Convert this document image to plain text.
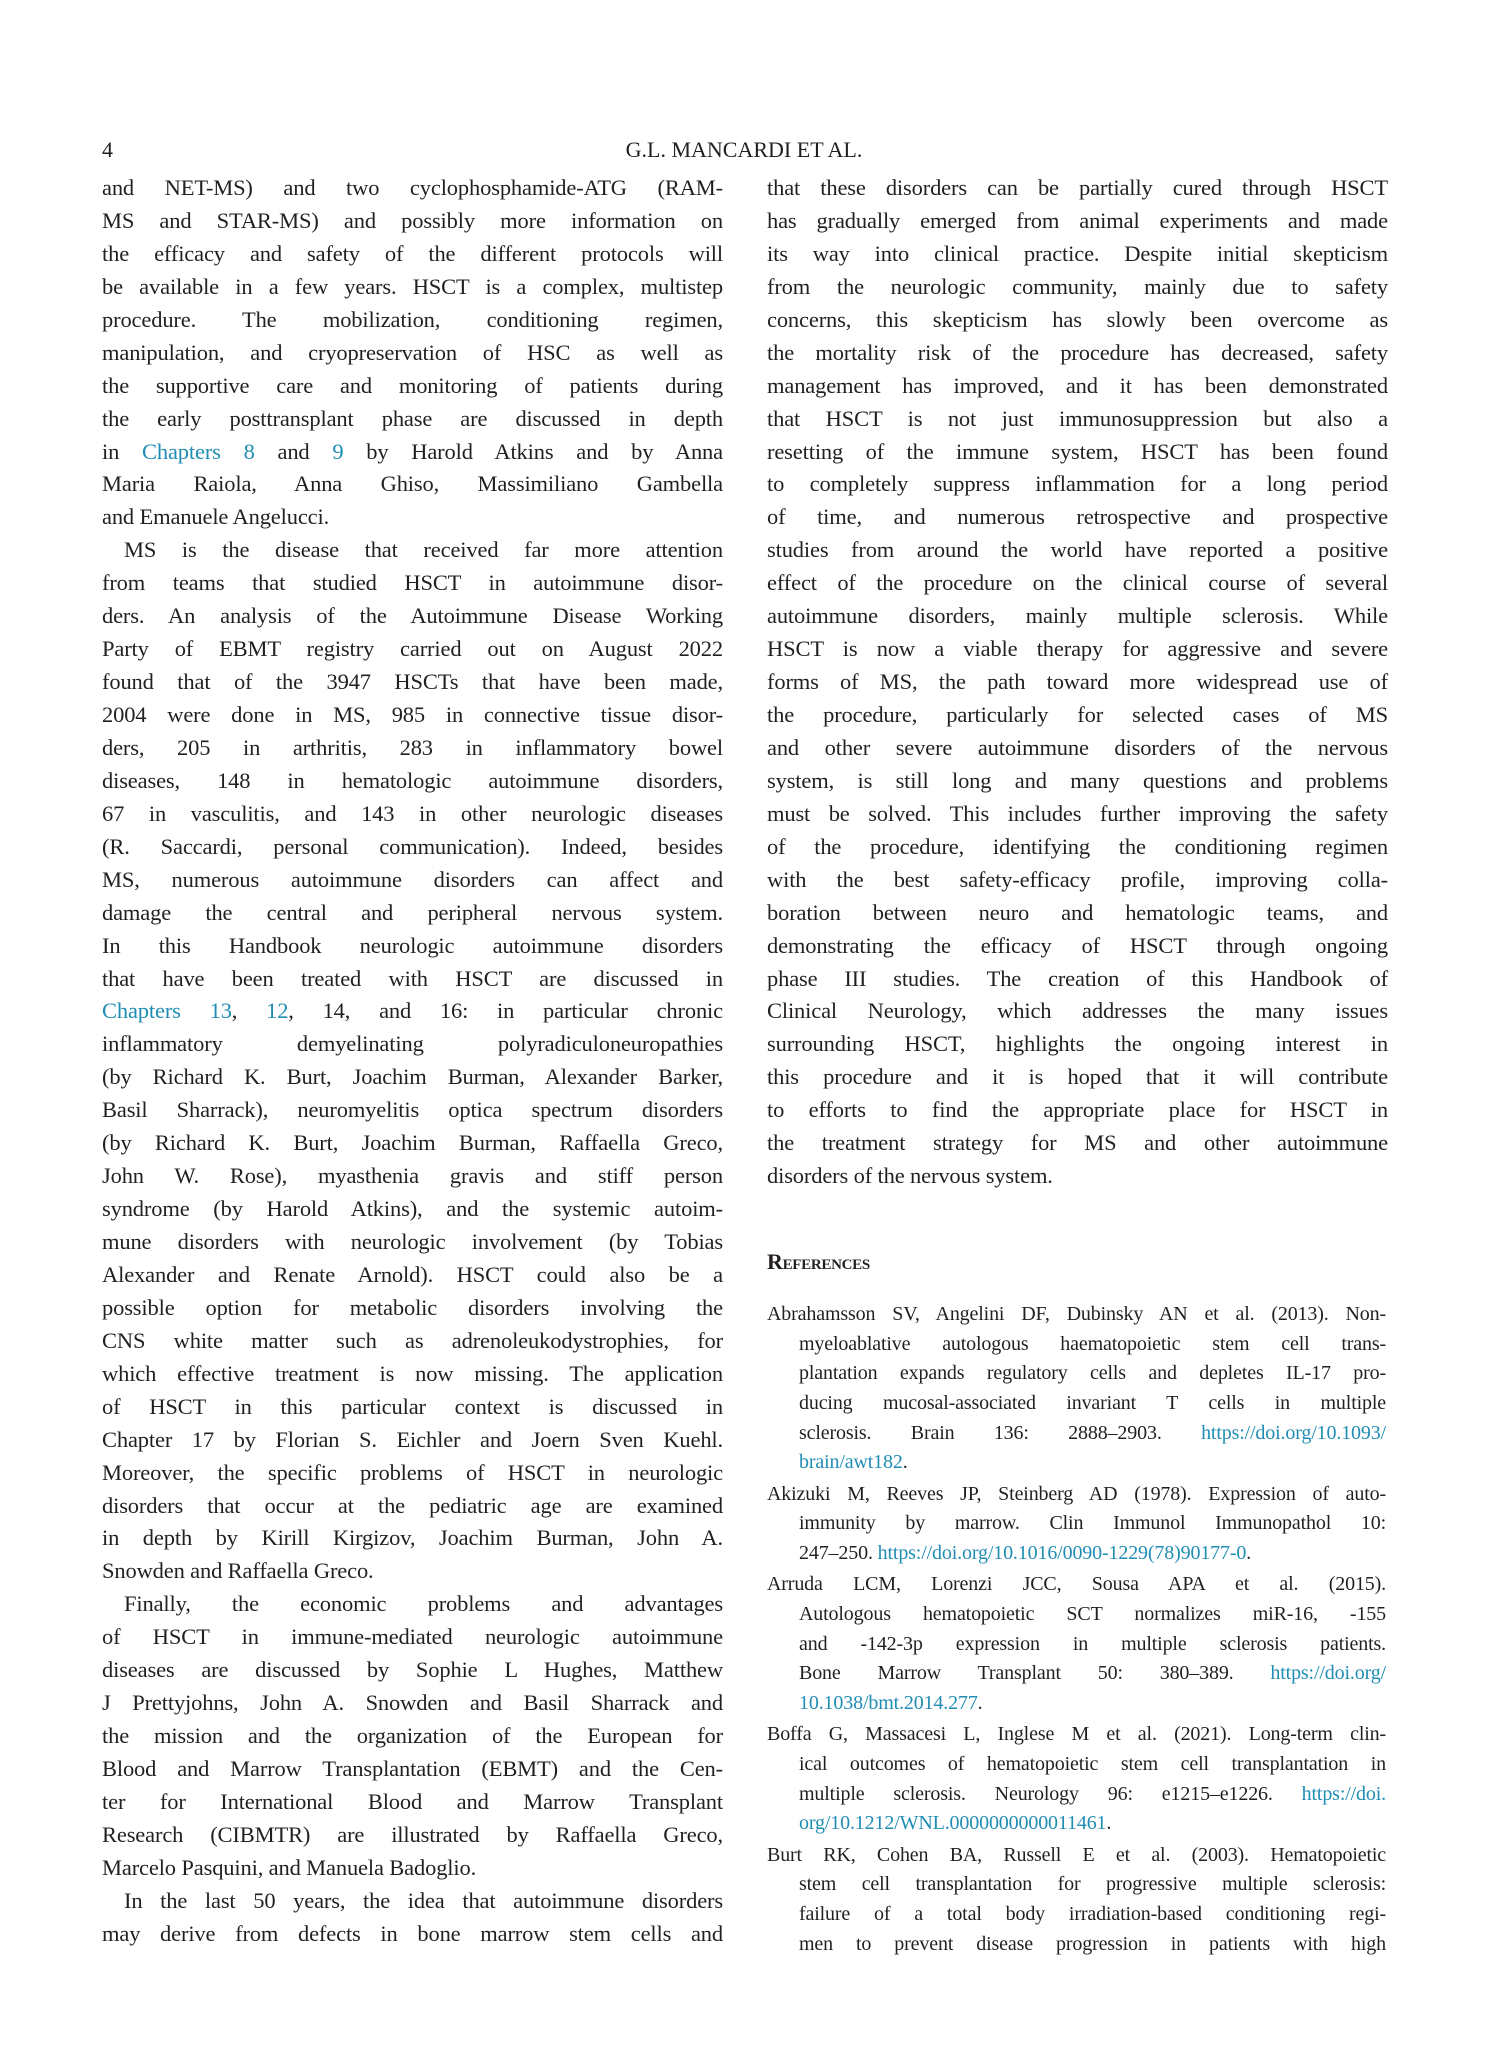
4	G.L. MANCARDI ET AL.
and NET-MS) and two cyclophosphamide-ATG (RAM-
MS and STAR-MS) and possibly more information on
the efficacy and safety of the different protocols will
be available in a few years. HSCT is a complex, multistep
procedure. The mobilization, conditioning regimen,
manipulation, and cryopreservation of HSC as well as
the supportive care and monitoring of patients during
the early posttransplant phase are discussed in depth
in Chapters 8 and 9 by Harold Atkins and by Anna
Maria Raiola, Anna Ghiso, Massimiliano Gambella
and Emanuele Angelucci.
MS is the disease that received far more attention
from teams that studied HSCT in autoimmune disor-
ders. An analysis of the Autoimmune Disease Working
Party of EBMT registry carried out on August 2022
found that of the 3947 HSCTs that have been made,
2004 were done in MS, 985 in connective tissue disor-
ders, 205 in arthritis, 283 in inflammatory bowel
diseases, 148 in hematologic autoimmune disorders,
67 in vasculitis, and 143 in other neurologic diseases
(R. Saccardi, personal communication). Indeed, besides
MS, numerous autoimmune disorders can affect and
damage the central and peripheral nervous system.
In this Handbook neurologic autoimmune disorders
that have been treated with HSCT are discussed in
Chapters 13, 12, 14, and 16: in particular chronic
inflammatory demyelinating polyradiculoneuropathies
(by Richard K. Burt, Joachim Burman, Alexander Barker,
Basil Sharrack), neuromyelitis optica spectrum disorders
(by Richard K. Burt, Joachim Burman, Raffaella Greco,
John W. Rose), myasthenia gravis and stiff person
syndrome (by Harold Atkins), and the systemic autoim-
mune disorders with neurologic involvement (by Tobias
Alexander and Renate Arnold). HSCT could also be a
possible option for metabolic disorders involving the
CNS white matter such as adrenoleukodystrophies, for
which effective treatment is now missing. The application
of HSCT in this particular context is discussed in
Chapter 17 by Florian S. Eichler and Joern Sven Kuehl.
Moreover, the specific problems of HSCT in neurologic
disorders that occur at the pediatric age are examined
in depth by Kirill Kirgizov, Joachim Burman, John A.
Snowden and Raffaella Greco.
Finally, the economic problems and advantages
of HSCT in immune-mediated neurologic autoimmune
diseases are discussed by Sophie L Hughes, Matthew
J Prettyjohns, John A. Snowden and Basil Sharrack and
the mission and the organization of the European for
Blood and Marrow Transplantation (EBMT) and the Cen-
ter for International Blood and Marrow Transplant
Research (CIBMTR) are illustrated by Raffaella Greco,
Marcelo Pasquini, and Manuela Badoglio.
In the last 50 years, the idea that autoimmune disorders
may derive from defects in bone marrow stem cells and
that these disorders can be partially cured through HSCT
has gradually emerged from animal experiments and made
its way into clinical practice. Despite initial skepticism
from the neurologic community, mainly due to safety
concerns, this skepticism has slowly been overcome as
the mortality risk of the procedure has decreased, safety
management has improved, and it has been demonstrated
that HSCT is not just immunosuppression but also a
resetting of the immune system, HSCT has been found
to completely suppress inflammation for a long period
of time, and numerous retrospective and prospective
studies from around the world have reported a positive
effect of the procedure on the clinical course of several
autoimmune disorders, mainly multiple sclerosis. While
HSCT is now a viable therapy for aggressive and severe
forms of MS, the path toward more widespread use of
the procedure, particularly for selected cases of MS
and other severe autoimmune disorders of the nervous
system, is still long and many questions and problems
must be solved. This includes further improving the safety
of the procedure, identifying the conditioning regimen
with the best safety-efficacy profile, improving colla-
boration between neuro and hematologic teams, and
demonstrating the efficacy of HSCT through ongoing
phase III studies. The creation of this Handbook of
Clinical Neurology, which addresses the many issues
surrounding HSCT, highlights the ongoing interest in
this procedure and it is hoped that it will contribute
to efforts to find the appropriate place for HSCT in
the treatment strategy for MS and other autoimmune
disorders of the nervous system.
References
Abrahamsson SV, Angelini DF, Dubinsky AN et al. (2013). Non-
myeloablative autologous haematopoietic stem cell trans-
plantation expands regulatory cells and depletes IL-17 pro-
ducing mucosal-associated invariant T cells in multiple
sclerosis. Brain 136: 2888–2903. https://doi.org/10.1093/
brain/awt182.
Akizuki M, Reeves JP, Steinberg AD (1978). Expression of auto-
immunity by marrow. Clin Immunol Immunopathol 10:
247–250. https://doi.org/10.1016/0090-1229(78)90177-0.
Arruda LCM, Lorenzi JCC, Sousa APA et al. (2015).
Autologous hematopoietic SCT normalizes miR-16, -155
and -142-3p expression in multiple sclerosis patients.
Bone Marrow Transplant 50: 380–389. https://doi.org/
10.1038/bmt.2014.277.
Boffa G, Massacesi L, Inglese M et al. (2021). Long-term clin-
ical outcomes of hematopoietic stem cell transplantation in
multiple sclerosis. Neurology 96: e1215–e1226. https://doi.
org/10.1212/WNL.0000000000011461.
Burt RK, Cohen BA, Russell E et al. (2003). Hematopoietic
stem cell transplantation for progressive multiple sclerosis:
failure of a total body irradiation-based conditioning regi-
men to prevent disease progression in patients with high
